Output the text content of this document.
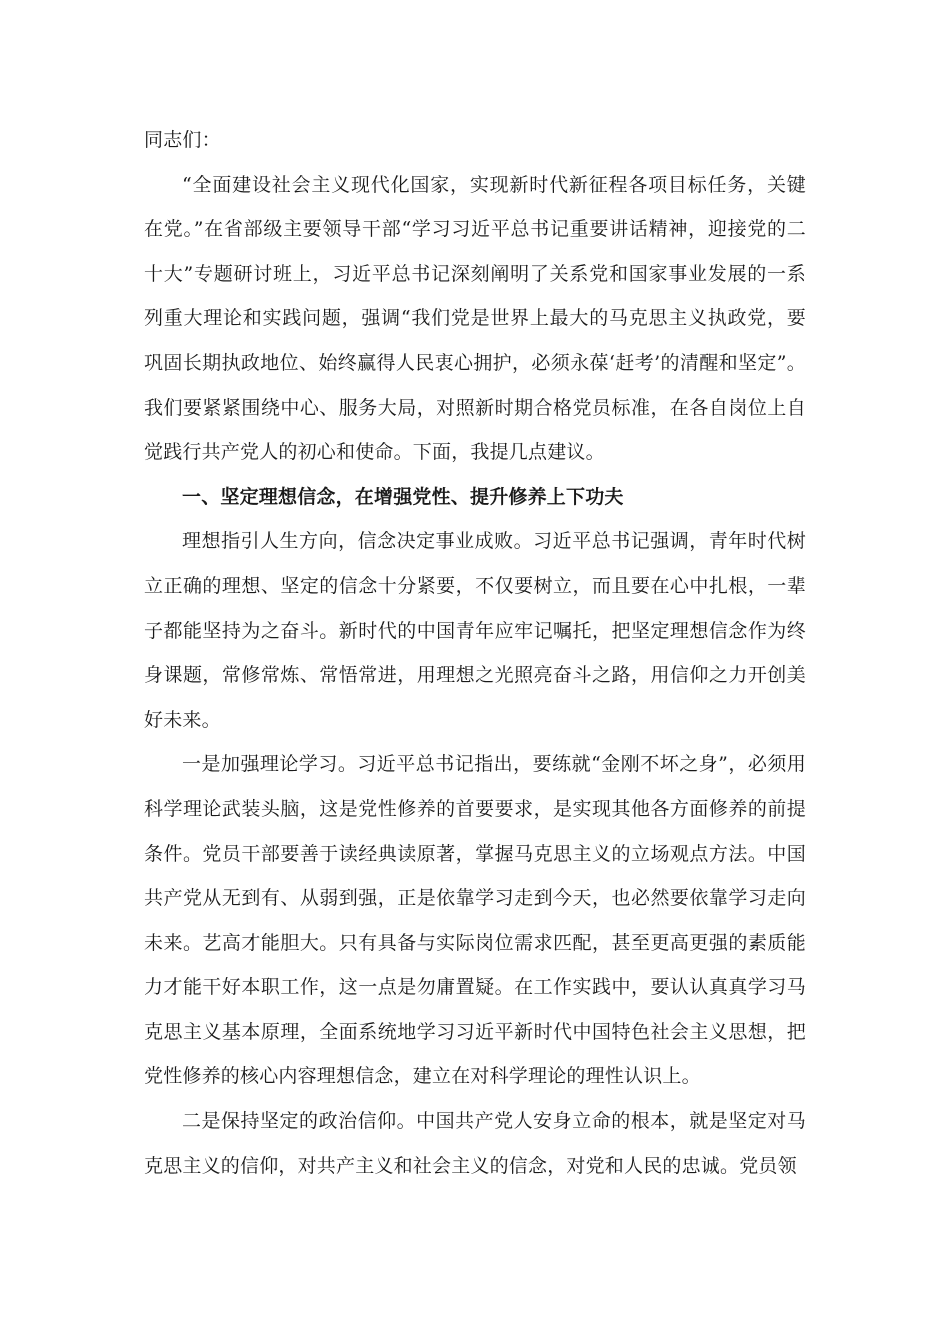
同志们：

“全面建设社会主义现代化国家，实现新时代新征程各项目标任务，关键在党。”在省部级主要领导干部“学习习近平总书记重要讲话精神，迎接党的二十大”专题研讨班上，习近平总书记深刻阐明了关系党和国家事业发展的一系列重大理论和实践问题，强调“我们党是世界上最大的马克思主义执政党，要巩固长期执政地位、始终赢得人民衷心拥护，必须永葆‘赶考’的清醒和坚定”。我们要紧紧围绕中心、服务大局，对照新时期合格党员标准，在各自岗位上自觉践行共产党人的初心和使命。下面，我提几点建议。

一、坚定理想信念，在增强党性、提升修养上下功夫

理想指引人生方向，信念决定事业成败。习近平总书记强调，青年时代树立正确的理想、坚定的信念十分紧要，不仅要树立，而且要在心中扎根，一辈子都能坚持为之奋斗。新时代的中国青年应牢记嘱托，把坚定理想信念作为终身课题，常修常炼、常悟常进，用理想之光照亮奋斗之路，用信仰之力开创美好未来。

一是加强理论学习。习近平总书记指出，要练就“金刚不坏之身”，必须用科学理论武装头脑，这是党性修养的首要要求，是实现其他各方面修养的前提条件。党员干部要善于读经典读原著，掌握马克思主义的立场观点方法。中国共产党从无到有、从弱到强，正是依靠学习走到今天，也必然要依靠学习走向未来。艺高才能胆大。只有具备与实际岗位需求匹配，甚至更高更强的素质能力才能干好本职工作，这一点是勿庸置疑。在工作实践中，要认认真真学习马克思主义基本原理，全面系统地学习习近平新时代中国特色社会主义思想，把党性修养的核心内容理想信念，建立在对科学理论的理性认识上。

二是保持坚定的政治信仰。中国共产党人安身立命的根本，就是坚定对马克思主义的信仰，对共产主义和社会主义的信念，对党和人民的忠诚。党员领
